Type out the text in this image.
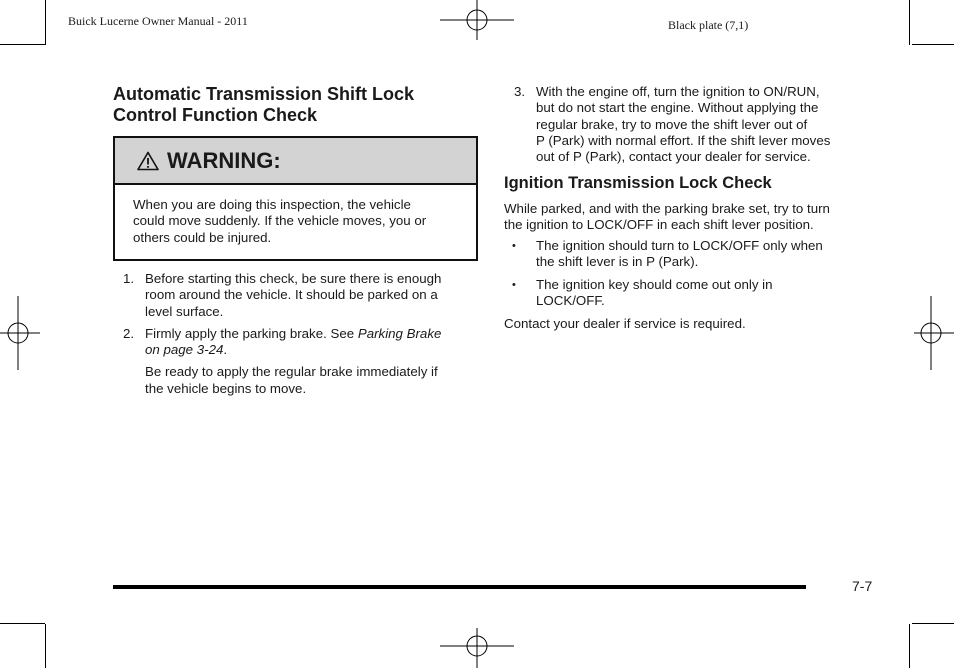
Buick Lucerne Owner Manual - 2011	Black plate (7,1)
Automatic Transmission Shift Lock
Control Function Check
WARNING:
When you are doing this inspection, the vehicle
could move suddenly. If the vehicle moves, you or
others could be injured.
1. Before starting this check, be sure there is enough
room around the vehicle. It should be parked on a
level surface.
2. Firmly apply the parking brake. See Parking Brake
on page 3-24.
Be ready to apply the regular brake immediately if
the vehicle begins to move.
3. With the engine off, turn the ignition to ON/RUN,
but do not start the engine. Without applying the
regular brake, try to move the shift lever out of
P (Park) with normal effort. If the shift lever moves
out of P (Park), contact your dealer for service.
Ignition Transmission Lock Check
While parked, and with the parking brake set, try to turn
the ignition to LOCK/OFF in each shift lever position.
•	The ignition should turn to LOCK/OFF only when
the shift lever is in P (Park).
•	The ignition key should come out only in
LOCK/OFF.
Contact your dealer if service is required.
7-7
